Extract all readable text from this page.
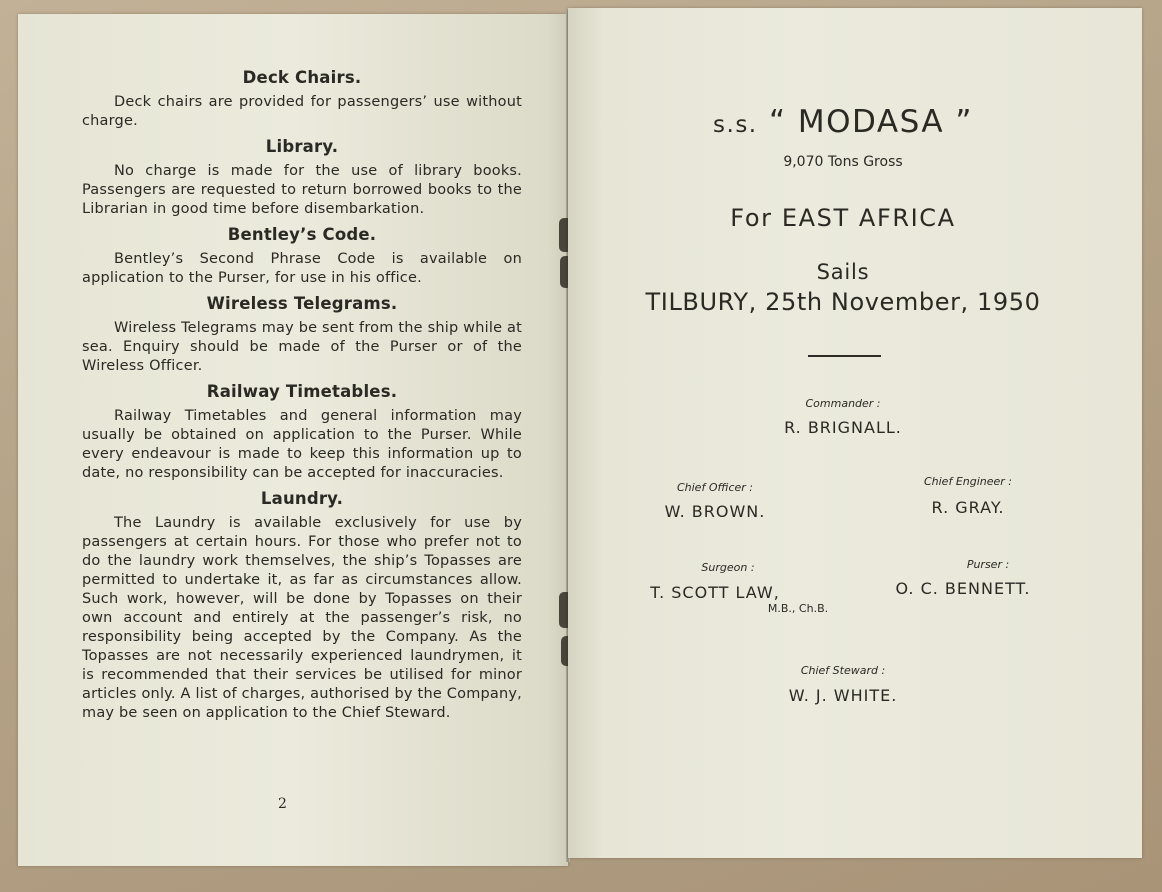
Deck Chairs.

Deck chairs are provided for passengers’ use without charge.

Library.

No charge is made for the use of library books. Passengers are requested to return borrowed books to the Librarian in good time before disembarkation.

Bentley’s Code.

Bentley’s Second Phrase Code is available on application to the Purser, for use in his office.

Wireless Telegrams.

Wireless Telegrams may be sent from the ship while at sea. Enquiry should be made of the Purser or of the Wireless Officer.

Railway Timetables.

Railway Timetables and general information may usually be obtained on application to the Purser. While every endeavour is made to keep this information up to date, no responsibility can be accepted for inaccuracies.

Laundry.

The Laundry is available exclusively for use by passengers at certain hours. For those who prefer not to do the laundry work themselves, the ship’s Topasses are permitted to undertake it, as far as circumstances allow. Such work, however, will be done by Topasses on their own account and entirely at the passenger’s risk, no responsibility being accepted by the Company. As the Topasses are not necessarily experienced laundrymen, it is recommended that their services be utilised for minor articles only. A list of charges, authorised by the Company, may be seen on application to the Chief Steward.

2
s.s. “ MODASA ”
9,070 Tons Gross
For EAST AFRICA
Sails
TILBURY, 25th November, 1950
Commander :
R. BRIGNALL.
Chief Officer :
W. BROWN.
Chief Engineer :
R. GRAY.
Surgeon :
T. SCOTT LAW,
M.B., Ch.B.
Purser :
O. C. BENNETT.
Chief Steward :
W. J. WHITE.
